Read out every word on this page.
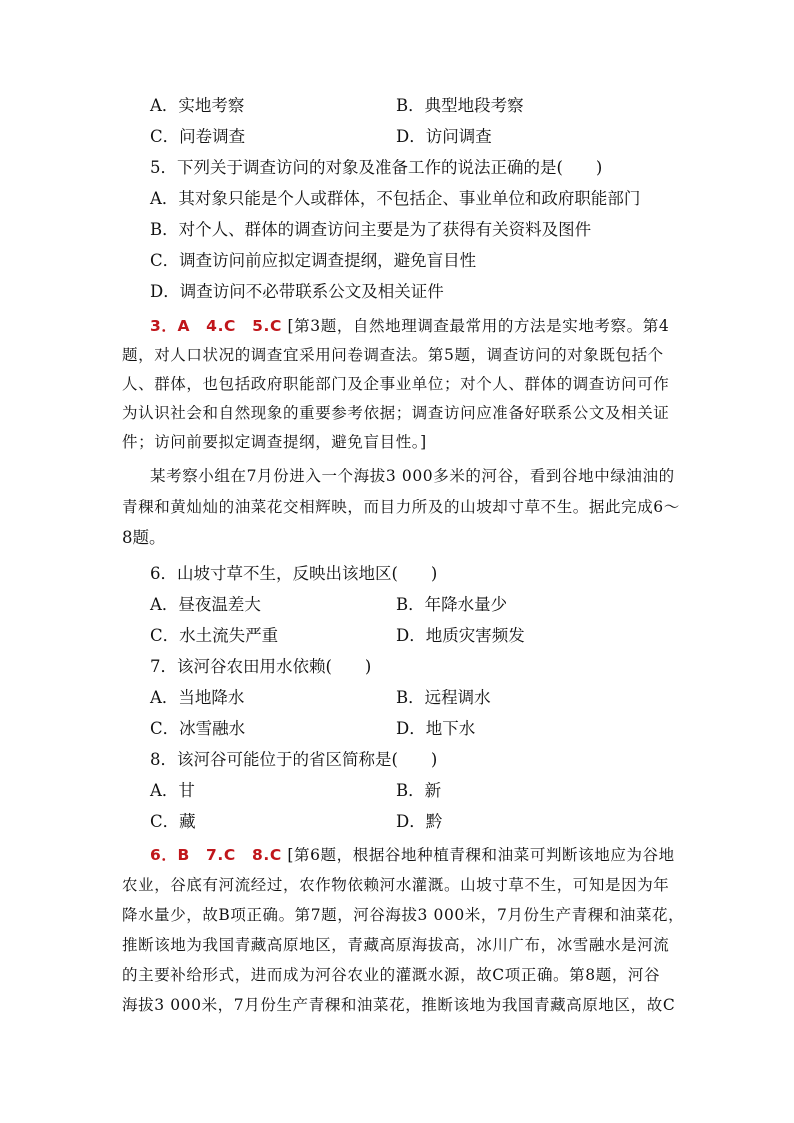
A．实地考察	B．典型地段考察
C．问卷调查	D．访问调查
5．下列关于调查访问的对象及准备工作的说法正确的是(　　)
A．其对象只能是个人或群体，不包括企、事业单位和政府职能部门
B．对个人、群体的调查访问主要是为了获得有关资料及图件
C．调查访问前应拟定调查提纲，避免盲目性
D．调查访问不必带联系公文及相关证件
3．A　4.C　5.C [第3题，自然地理调查最常用的方法是实地考察。第4
题，对人口状况的调查宜采用问卷调查法。第5题，调查访问的对象既包括个
人、群体，也包括政府职能部门及企事业单位；对个人、群体的调查访问可作
为认识社会和自然现象的重要参考依据；调查访问应准备好联系公文及相关证
件；访问前要拟定调查提纲，避免盲目性。]
某考察小组在7月份进入一个海拔3 000多米的河谷，看到谷地中绿油油的
青稞和黄灿灿的油菜花交相辉映，而目力所及的山坡却寸草不生。据此完成6～
8题。
6．山坡寸草不生，反映出该地区(　　)
A．昼夜温差大	B．年降水量少
C．水土流失严重	D．地质灾害频发
7．该河谷农田用水依赖(　　)
A．当地降水	B．远程调水
C．冰雪融水	D．地下水
8．该河谷可能位于的省区简称是(　　)
A．甘	B．新
C．藏	D．黔
6．B　7.C　8.C [第6题，根据谷地种植青稞和油菜可判断该地应为谷地
农业，谷底有河流经过，农作物依赖河水灌溉。山坡寸草不生，可知是因为年
降水量少，故B项正确。第7题，河谷海拔3 000米，7月份生产青稞和油菜花，
推断该地为我国青藏高原地区，青藏高原海拔高，冰川广布，冰雪融水是河流
的主要补给形式，进而成为河谷农业的灌溉水源，故C项正确。第8题，河谷
海拔3 000米，7月份生产青稞和油菜花，推断该地为我国青藏高原地区，故C
